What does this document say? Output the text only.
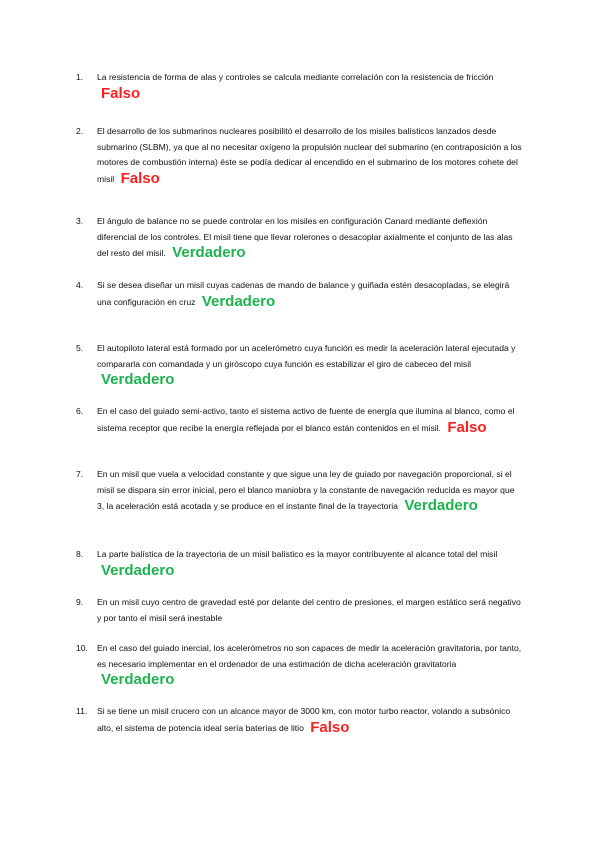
1.	La resistencia de forma de alas y controles se calcula mediante correlación con la resistencia de fricción Falso
2.	El desarrollo de los submarinos nucleares posibilitó el desarrollo de los misiles balísticos lanzados desde submarino (SLBM), ya que al no necesitar oxígeno la propulsión nuclear del submarino (en contraposición a los motores de combustión interna) éste se podía dedicar al encendido en el submarino de los motores cohete del misil Falso
3.	El ángulo de balance no se puede controlar en los misiles en configuración Canard mediante deflexión diferencial de los controles. El misil tiene que llevar rolerones o desacoplar axialmente el conjunto de las alas del resto del misil. Verdadero
4.	Si se desea diseñar un misil cuyas cadenas de mando de balance y guiñada estén desacopladas, se elegirá una configuración en cruz Verdadero
5.	El autopiloto lateral está formado por un acelerómetro cuya función es medir la aceleración lateral ejecutada y compararla con comandada y un giróscopo cuya función es estabilizar el giro de cabeceo del misil Verdadero
6.	En el caso del guiado semi-activo, tanto el sistema activo de fuente de energía que ilumina al blanco, como el sistema receptor que recibe la energía reflejada por el blanco están contenidos en el misil. Falso
7.	En un misil que vuela a velocidad constante y que sigue una ley de guiado por navegación proporcional, si el misil se dispara sin error inicial, pero el blanco maniobra y la constante de navegación reducida es mayor que 3, la aceleración está acotada y se produce en el instante final de la trayectoria Verdadero
8.	La parte balística de la trayectoria de un misil balístico es la mayor contribuyente al alcance total del misil Verdadero
9.	En un misil cuyo centro de gravedad esté por delante del centro de presiones, el margen estático será negativo y por tanto el misil será inestable
10.	En el caso del guiado inercial, los acelerómetros no son capaces de medir la aceleración gravitatoria, por tanto, es necesario implementar en el ordenador de una estimación de dicha aceleración gravitatoria Verdadero
11.	Si se tiene un misil crucero con un alcance mayor de 3000 km, con motor turbo reactor, volando a subsónico alto, el sistema de potencia ideal sería baterías de litio Falso
